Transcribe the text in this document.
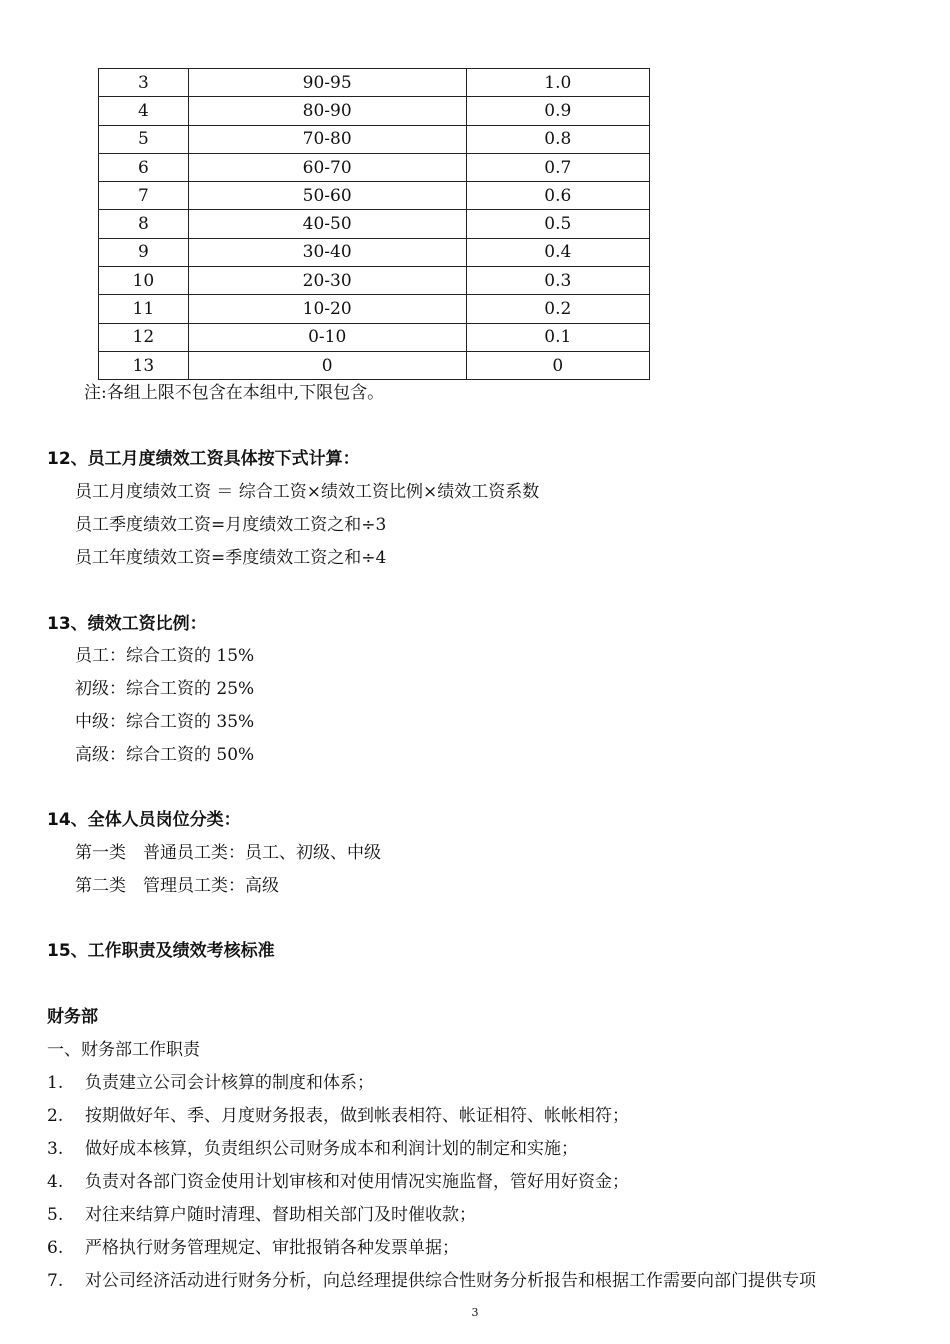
3	90-95	1.0
4	80-90	0.9
5	70-80	0.8
6	60-70	0.7
7	50-60	0.6
8	40-50	0.5
9	30-40	0.4
10	20-30	0.3
11	10-20	0.2
12	0-10	0.1
13	0	0
注:各组上限不包含在本组中,下限包含。
12、员工月度绩效工资具体按下式计算：
员工月度绩效工资 ＝ 综合工资×绩效工资比例×绩效工资系数
员工季度绩效工资=月度绩效工资之和÷3
员工年度绩效工资=季度绩效工资之和÷4
13、绩效工资比例：
员工：综合工资的 15%
初级：综合工资的 25%
中级：综合工资的 35%
高级：综合工资的 50%
14、全体人员岗位分类：
第一类　普通员工类：员工、初级、中级
第二类　管理员工类：高级
15、工作职责及绩效考核标准
财务部
一、财务部工作职责
1. 负责建立公司会计核算的制度和体系；
2. 按期做好年、季、月度财务报表，做到帐表相符、帐证相符、帐帐相符；
3. 做好成本核算，负责组织公司财务成本和利润计划的制定和实施；
4. 负责对各部门资金使用计划审核和对使用情况实施监督，管好用好资金；
5. 对往来结算户随时清理、督助相关部门及时催收款；
6. 严格执行财务管理规定、审批报销各种发票单据；
7. 对公司经济活动进行财务分析，向总经理提供综合性财务分析报告和根据工作需要向部门提供专项
3
